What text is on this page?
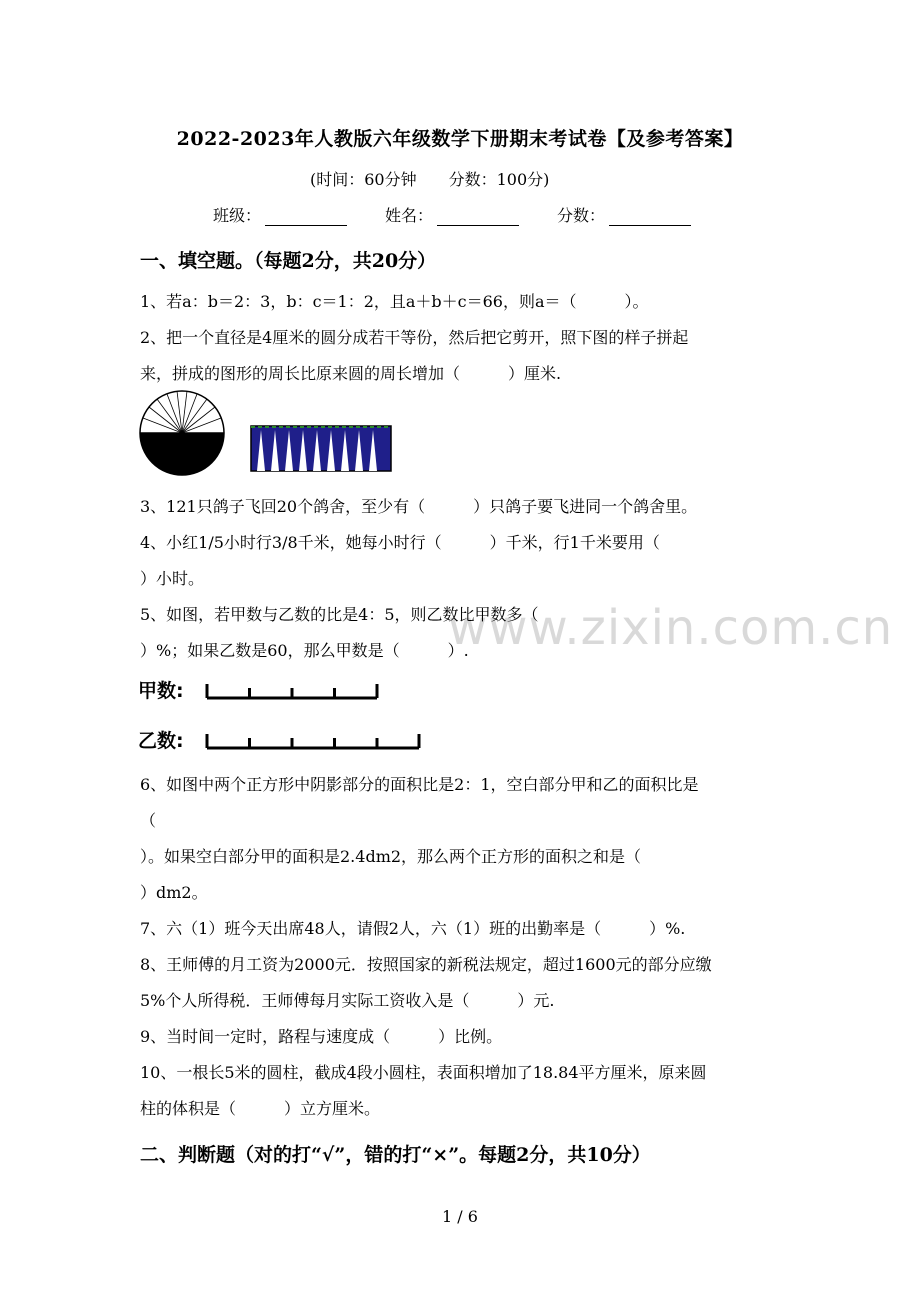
www.zixin.com.cn
2022-2023年人教版六年级数学下册期末考试卷【及参考答案】
(时间：60分钟　　分数：100分)
班级：	姓名：	分数：
一、填空题。（每题2分，共20分）
1、若a：b＝2：3，b：c＝1：2，且a＋b＋c＝66，则a＝（　　　）。
2、把一个直径是4厘米的圆分成若干等份，然后把它剪开，照下图的样子拼起
来，拼成的图形的周长比原来圆的周长增加（　　　）厘米.
3、121只鸽子飞回20个鸽舍，至少有（　　　）只鸽子要飞进同一个鸽舍里。
4、小红1/5小时行3/8千米，她每小时行（　　　）千米，行1千米要用（
）小时。
5、如图，若甲数与乙数的比是4：5，则乙数比甲数多（
）%；如果乙数是60，那么甲数是（　　　）.
甲数:
乙数:
6、如图中两个正方形中阴影部分的面积比是2：1，空白部分甲和乙的面积比是
（
）。如果空白部分甲的面积是2.4dm2，那么两个正方形的面积之和是（
）dm2。
7、六（1）班今天出席48人，请假2人，六（1）班的出勤率是（　　　）%.
8、王师傅的月工资为2000元．按照国家的新税法规定，超过1600元的部分应缴
5%个人所得税．王师傅每月实际工资收入是（　　　）元.
9、当时间一定时，路程与速度成（　　　）比例。
10、一根长5米的圆柱，截成4段小圆柱，表面积增加了18.84平方厘米，原来圆
柱的体积是（　　　）立方厘米。
二、判断题（对的打“√”，错的打“×”。每题2分，共10分）
1 / 6
